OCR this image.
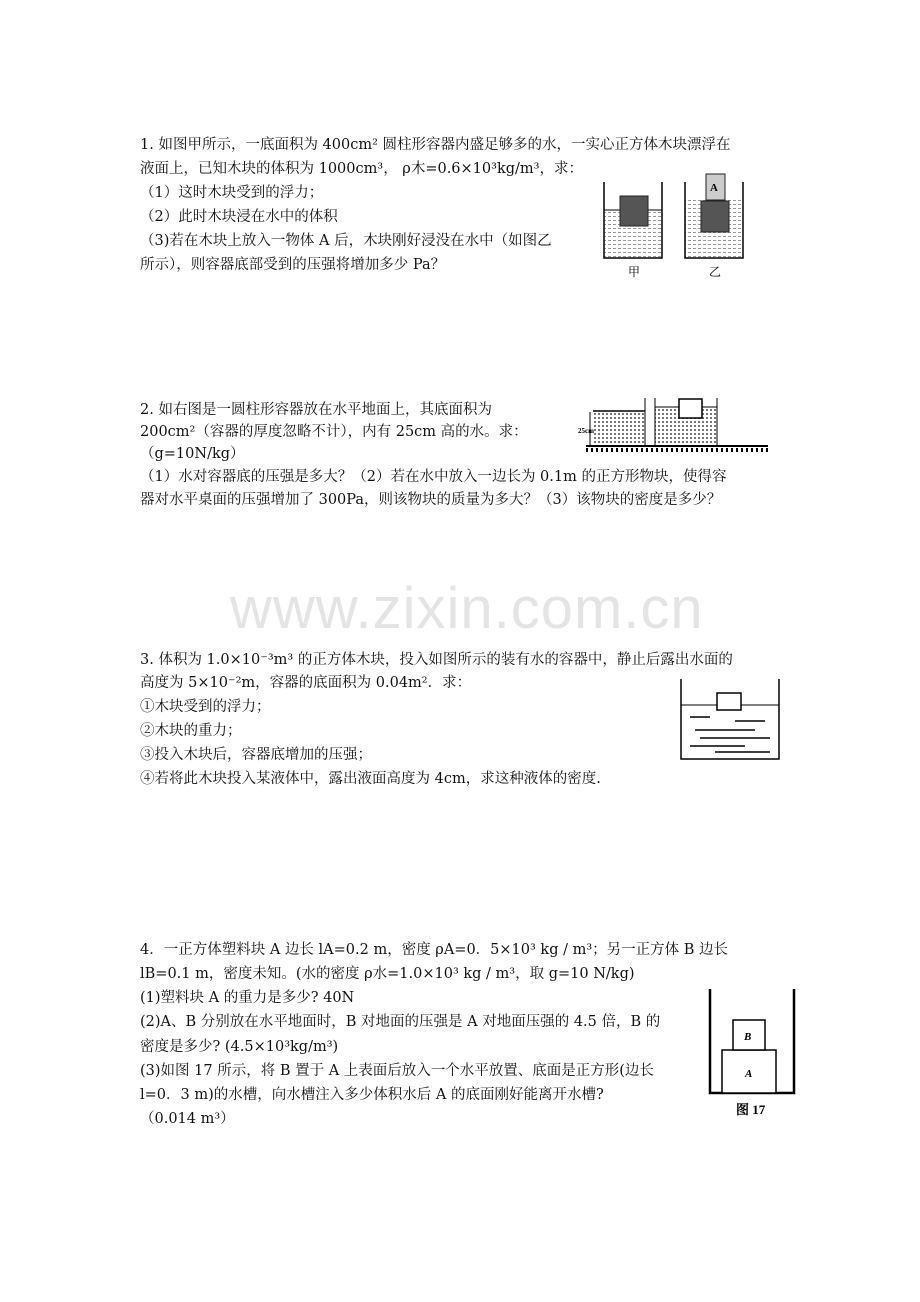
www.zixin.com.cn
1. 如图甲所示，一底面积为 400cm² 圆柱形容器内盛足够多的水，一实心正方体木块漂浮在
液面上，已知木块的体积为 1000cm³， ρ木=0.6×10³kg/m³，求：
（1）这时木块受到的浮力；
（2）此时木块浸在水中的体积
（3)若在木块上放入一物体 A 后，木块刚好浸没在水中（如图乙
所示），则容器底部受到的压强将增加多少 Pa？	甲
A
乙
2. 如右图是一圆柱形容器放在水平地面上，其底面积为
200cm²（容器的厚度忽略不计），内有 25cm 高的水。求：
（g=10N/kg）
（1）水对容器底的压强是多大？（2）若在水中放入一边长为 0.1m 的正方形物块，使得容
器对水平桌面的压强增加了 300Pa，则该物块的质量为多大？（3）该物块的密度是多少？
25cm
3. 体积为 1.0×10⁻³m³ 的正方体木块，投入如图所示的装有水的容器中，静止后露出水面的
高度为 5×10⁻²m，容器的底面积为 0.04m²．求：
①木块受到的浮力；
②木块的重力；
③投入木块后，容器底增加的压强；
④若将此木块投入某液体中，露出液面高度为 4cm，求这种液体的密度.
4．一正方体塑料块 A 边长 lA=0.2 m，密度 ρA=0．5×10³ kg / m³；另一正方体 B 边长
lB=0.1 m，密度未知。(水的密度 ρ水=1.0×10³ kg / m³，取 g=10 N/kg)
(1)塑料块 A 的重力是多少? 40N
(2)A、B 分别放在水平地面时，B 对地面的压强是 A 对地面压强的 4.5 倍，B 的
密度是多少? (4.5×10³kg/m³)
(3)如图 17 所示，将 B 置于 A 上表面后放入一个水平放置、底面是正方形(边长
l=0．3 m)的水槽，向水槽注入多少体积水后 A 的底面刚好能离开水槽?
（0.014 m³）
B
A
图 17
